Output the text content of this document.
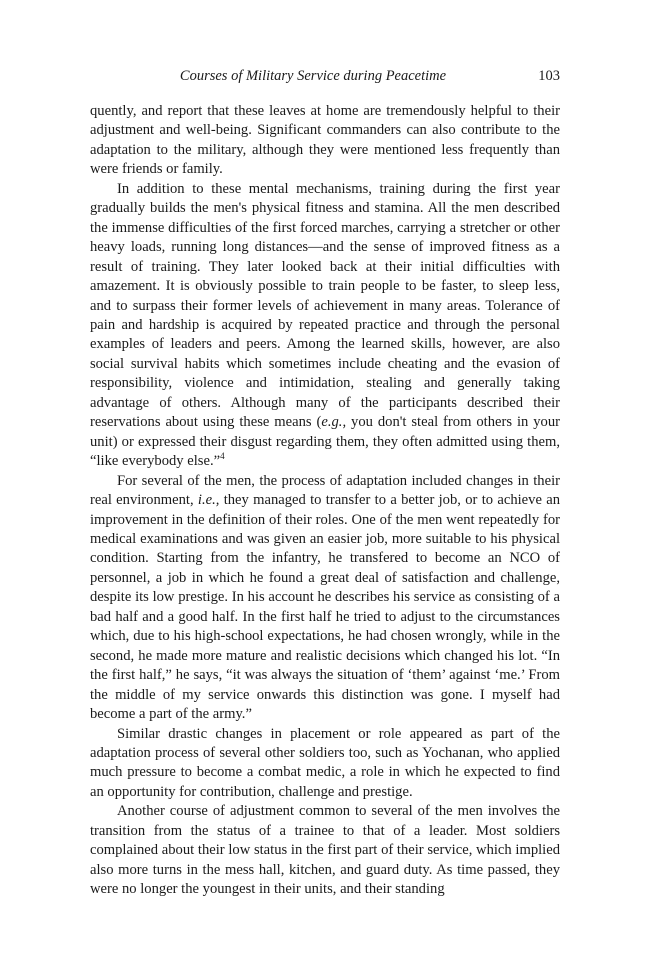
Courses of Military Service during Peacetime	103

quently, and report that these leaves at home are tremendously helpful to their adjustment and well-being. Significant commanders can also contribute to the adaptation to the military, although they were mentioned less frequently than were friends or family.

In addition to these mental mechanisms, training during the first year gradually builds the men's physical fitness and stamina. All the men described the immense difficulties of the first forced marches, carrying a stretcher or other heavy loads, running long distances—and the sense of improved fitness as a result of training. They later looked back at their initial difficulties with amazement. It is obviously possible to train people to be faster, to sleep less, and to surpass their former levels of achievement in many areas. Tolerance of pain and hardship is acquired by repeated practice and through the personal examples of leaders and peers. Among the learned skills, however, are also social survival habits which sometimes include cheating and the evasion of responsibility, violence and intimidation, stealing and generally taking advantage of others. Although many of the participants described their reservations about using these means (e.g., you don't steal from others in your unit) or expressed their disgust regarding them, they often admitted using them, “like everybody else.”$^4$

For several of the men, the process of adaptation included changes in their real environment, i.e., they managed to transfer to a better job, or to achieve an improvement in the definition of their roles. One of the men went repeatedly for medical examinations and was given an easier job, more suitable to his physical condition. Starting from the infantry, he transfered to become an NCO of personnel, a job in which he found a great deal of satisfaction and challenge, despite its low prestige. In his account he describes his service as consisting of a bad half and a good half. In the first half he tried to adjust to the circumstances which, due to his high-school expectations, he had chosen wrongly, while in the second, he made more mature and realistic decisions which changed his lot. “In the first half,” he says, “it was always the situation of ‘them’ against ‘me.’ From the middle of my service onwards this distinction was gone. I myself had become a part of the army.”

Similar drastic changes in placement or role appeared as part of the adaptation process of several other soldiers too, such as Yochanan, who applied much pressure to become a combat medic, a role in which he expected to find an opportunity for contribution, challenge and prestige.

Another course of adjustment common to several of the men involves the transition from the status of a trainee to that of a leader. Most soldiers complained about their low status in the first part of their service, which implied also more turns in the mess hall, kitchen, and guard duty. As time passed, they were no longer the youngest in their units, and their standing
